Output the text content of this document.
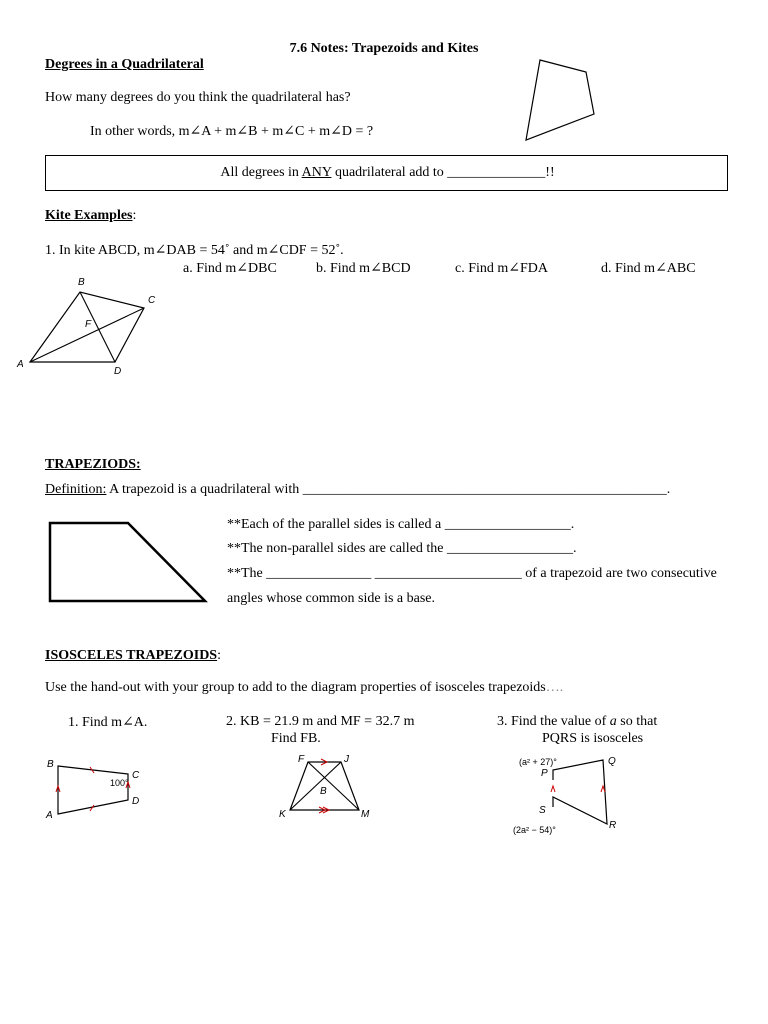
7.6 Notes: Trapezoids and Kites
Degrees in a Quadrilateral
How many degrees do you think the quadrilateral has?
In other words, m∠A + m∠B + m∠C + m∠D = ?
All degrees in ANY quadrilateral add to ______________!!
Kite Examples:
1. In kite ABCD, m∠DAB = 54˚ and m∠CDF = 52˚.
a. Find m∠DBC	b. Find m∠BCD	c. Find m∠FDA	d. Find m∠ABC
B
C
F
A
D
TRAPEZIODS:
Definition: A trapezoid is a quadrilateral with ____________________________________________________.
**Each of the parallel sides is called a __________________.
**The non-parallel sides are called the __________________.
**The _______________ _____________________ of a trapezoid are two consecutive
angles whose common side is a base.
ISOSCELES TRAPEZOIDS:
Use the hand-out with your group to add to the diagram properties of isosceles trapezoids….
1. Find m∠A.	2. KB = 21.9 m and MF = 32.7 m
Find FB.
3. Find the value of a so that
PQRS is isosceles
B
C
D
A
100°
F	J
B
K	M
(a² + 27)°
P
Q
S
R
(2a² − 54)°
